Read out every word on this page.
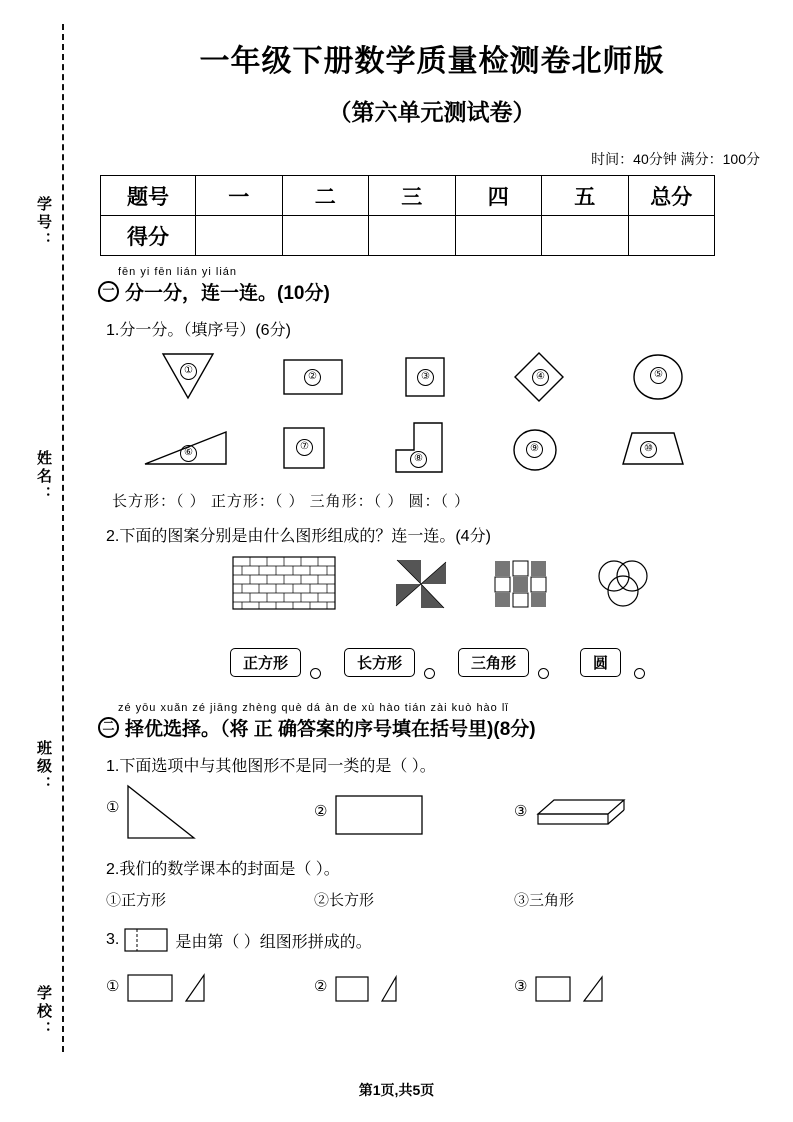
学号：
姓名：
班级：
学校：
一年级下册数学质量检测卷北师版
（第六单元测试卷）
时间：40分钟 满分：100分
题号	一	二	三	四	五	总分
得分						
fēn yi fēn lián yi lián
一 分一分，连一连。(10分)
1.分一分。（填序号）(6分)
①
②	③	④	⑤
⑥
⑦
⑧
⑨	⑩
长方形：（ ） 正方形：（ ） 三角形：（ ） 圆：（ ）
2.下面的图案分别是由什么图形组成的？连一连。(4分)
正方形	长方形	三角形	圆
zé yōu xuǎn zé jiāng zhèng què dá àn de xù hào tián zài kuò hào lǐ
二 择优选择。（将 正 确答案的序号填在括号里)(8分)
1.下面选项中与其他图形不是同一类的是（ ）。
①	②	③
2.我们的数学课本的封面是（ ）。
①正方形	②长方形	③三角形
3.	是由第（ ）组图形拼成的。
①	②	③
第1页,共5页
